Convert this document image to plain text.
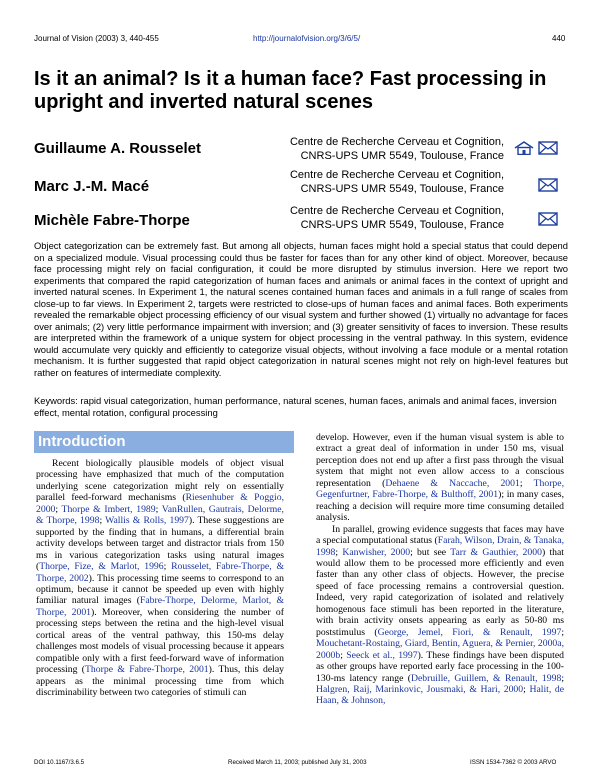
Journal of Vision (2003) 3, 440-455	http://journalofvision.org/3/6/5/	440
Is it an animal? Is it a human face? Fast processing in upright and inverted natural scenes
Guillaume A. Rousselet	Centre de Recherche Cerveau et Cognition,
CNRS-UPS UMR 5549, Toulouse, France
Marc J.-M. Macé
Centre de Recherche Cerveau et Cognition,
CNRS-UPS UMR 5549, Toulouse, France
Michèle Fabre-Thorpe
Centre de Recherche Cerveau et Cognition,
CNRS-UPS UMR 5549, Toulouse, France
Object categorization can be extremely fast. But among all objects, human faces might hold a special status that could depend on a specialized module. Visual processing could thus be faster for faces than for any other kind of object. Moreover, because face processing might rely on facial configuration, it could be more disrupted by stimulus inversion. Here we report two experiments that compared the rapid categorization of human faces and animals or animal faces in the context of upright and inverted natural scenes. In Experiment 1, the natural scenes contained human faces and animals in a full range of scales from close-up to far views. In Experiment 2, targets were restricted to close-ups of human faces and animal faces. Both experiments revealed the remarkable object processing efficiency of our visual system and further showed (1) virtually no advantage for faces over animals; (2) very little performance impairment with inversion; and (3) greater sensitivity of faces to inversion. These results are interpreted within the framework of a unique system for object processing in the ventral pathway. In this system, evidence would accumulate very quickly and efficiently to categorize visual objects, without involving a face module or a mental rotation mechanism. It is further suggested that rapid object categorization in natural scenes might not rely on high-level features but rather on features of intermediate complexity.
Keywords: rapid visual categorization, human performance, natural scenes, human faces, animals and animal faces, inversion effect, mental rotation, configural processing
Introduction

Recent biologically plausible models of object visual processing have emphasized that much of the computation underlying scene categorization might rely on essentially parallel feed-forward mechanisms (Riesenhuber & Poggio, 2000; Thorpe & Imbert, 1989; VanRullen, Gautrais, Delorme, & Thorpe, 1998; Wallis & Rolls, 1997). These suggestions are supported by the finding that in humans, a differential brain activity develops between target and distractor trials from 150 ms in various categorization tasks using natural images (Thorpe, Fize, & Marlot, 1996; Rousselet, Fabre-Thorpe, & Thorpe, 2002). This processing time seems to correspond to an optimum, because it cannot be speeded up even with highly familiar natural images (Fabre-Thorpe, Delorme, Marlot, & Thorpe, 2001). Moreover, when considering the number of processing steps between the retina and the high-level visual cortical areas of the ventral pathway, this 150-ms delay challenges most models of visual processing because it appears compatible only with a first feed-forward wave of information processing (Thorpe & Fabre-Thorpe, 2001). Thus, this delay appears as the minimal processing time from which discriminability between two categories of stimuli can

develop. However, even if the human visual system is able to extract a great deal of information in under 150 ms, visual perception does not end up after a first pass through the visual system that might not even allow access to a conscious representation (Dehaene & Naccache, 2001; Thorpe, Gegenfurtner, Fabre-Thorpe, & Bulthoff, 2001); in many cases, reaching a decision will require more time consuming detailed analysis.

In parallel, growing evidence suggests that faces may have a special computational status (Farah, Wilson, Drain, & Tanaka, 1998; Kanwisher, 2000; but see Tarr & Gauthier, 2000) that would allow them to be processed more efficiently and even faster than any other class of objects. However, the precise speed of face processing remains a controversial question. Indeed, very rapid categorization of isolated and relatively homogenous face stimuli has been reported in the literature, with brain activity onsets appearing as early as 50-80 ms poststimulus (George, Jemel, Fiori, & Renault, 1997; Mouchetant-Rostaing, Giard, Bentin, Aguera, & Pernier, 2000a, 2000b; Seeck et al., 1997). These findings have been disputed as other groups have reported early face processing in the 100-130-ms latency range (Debruille, Guillem, & Renault, 1998; Halgren, Raij, Marinkovic, Jousmaki, & Hari, 2000; Halit, de Haan, & Johnson,

DOI 10.1167/3.6.5	Received March 11, 2003; published July 31, 2003	ISSN 1534-7362 © 2003 ARVO
